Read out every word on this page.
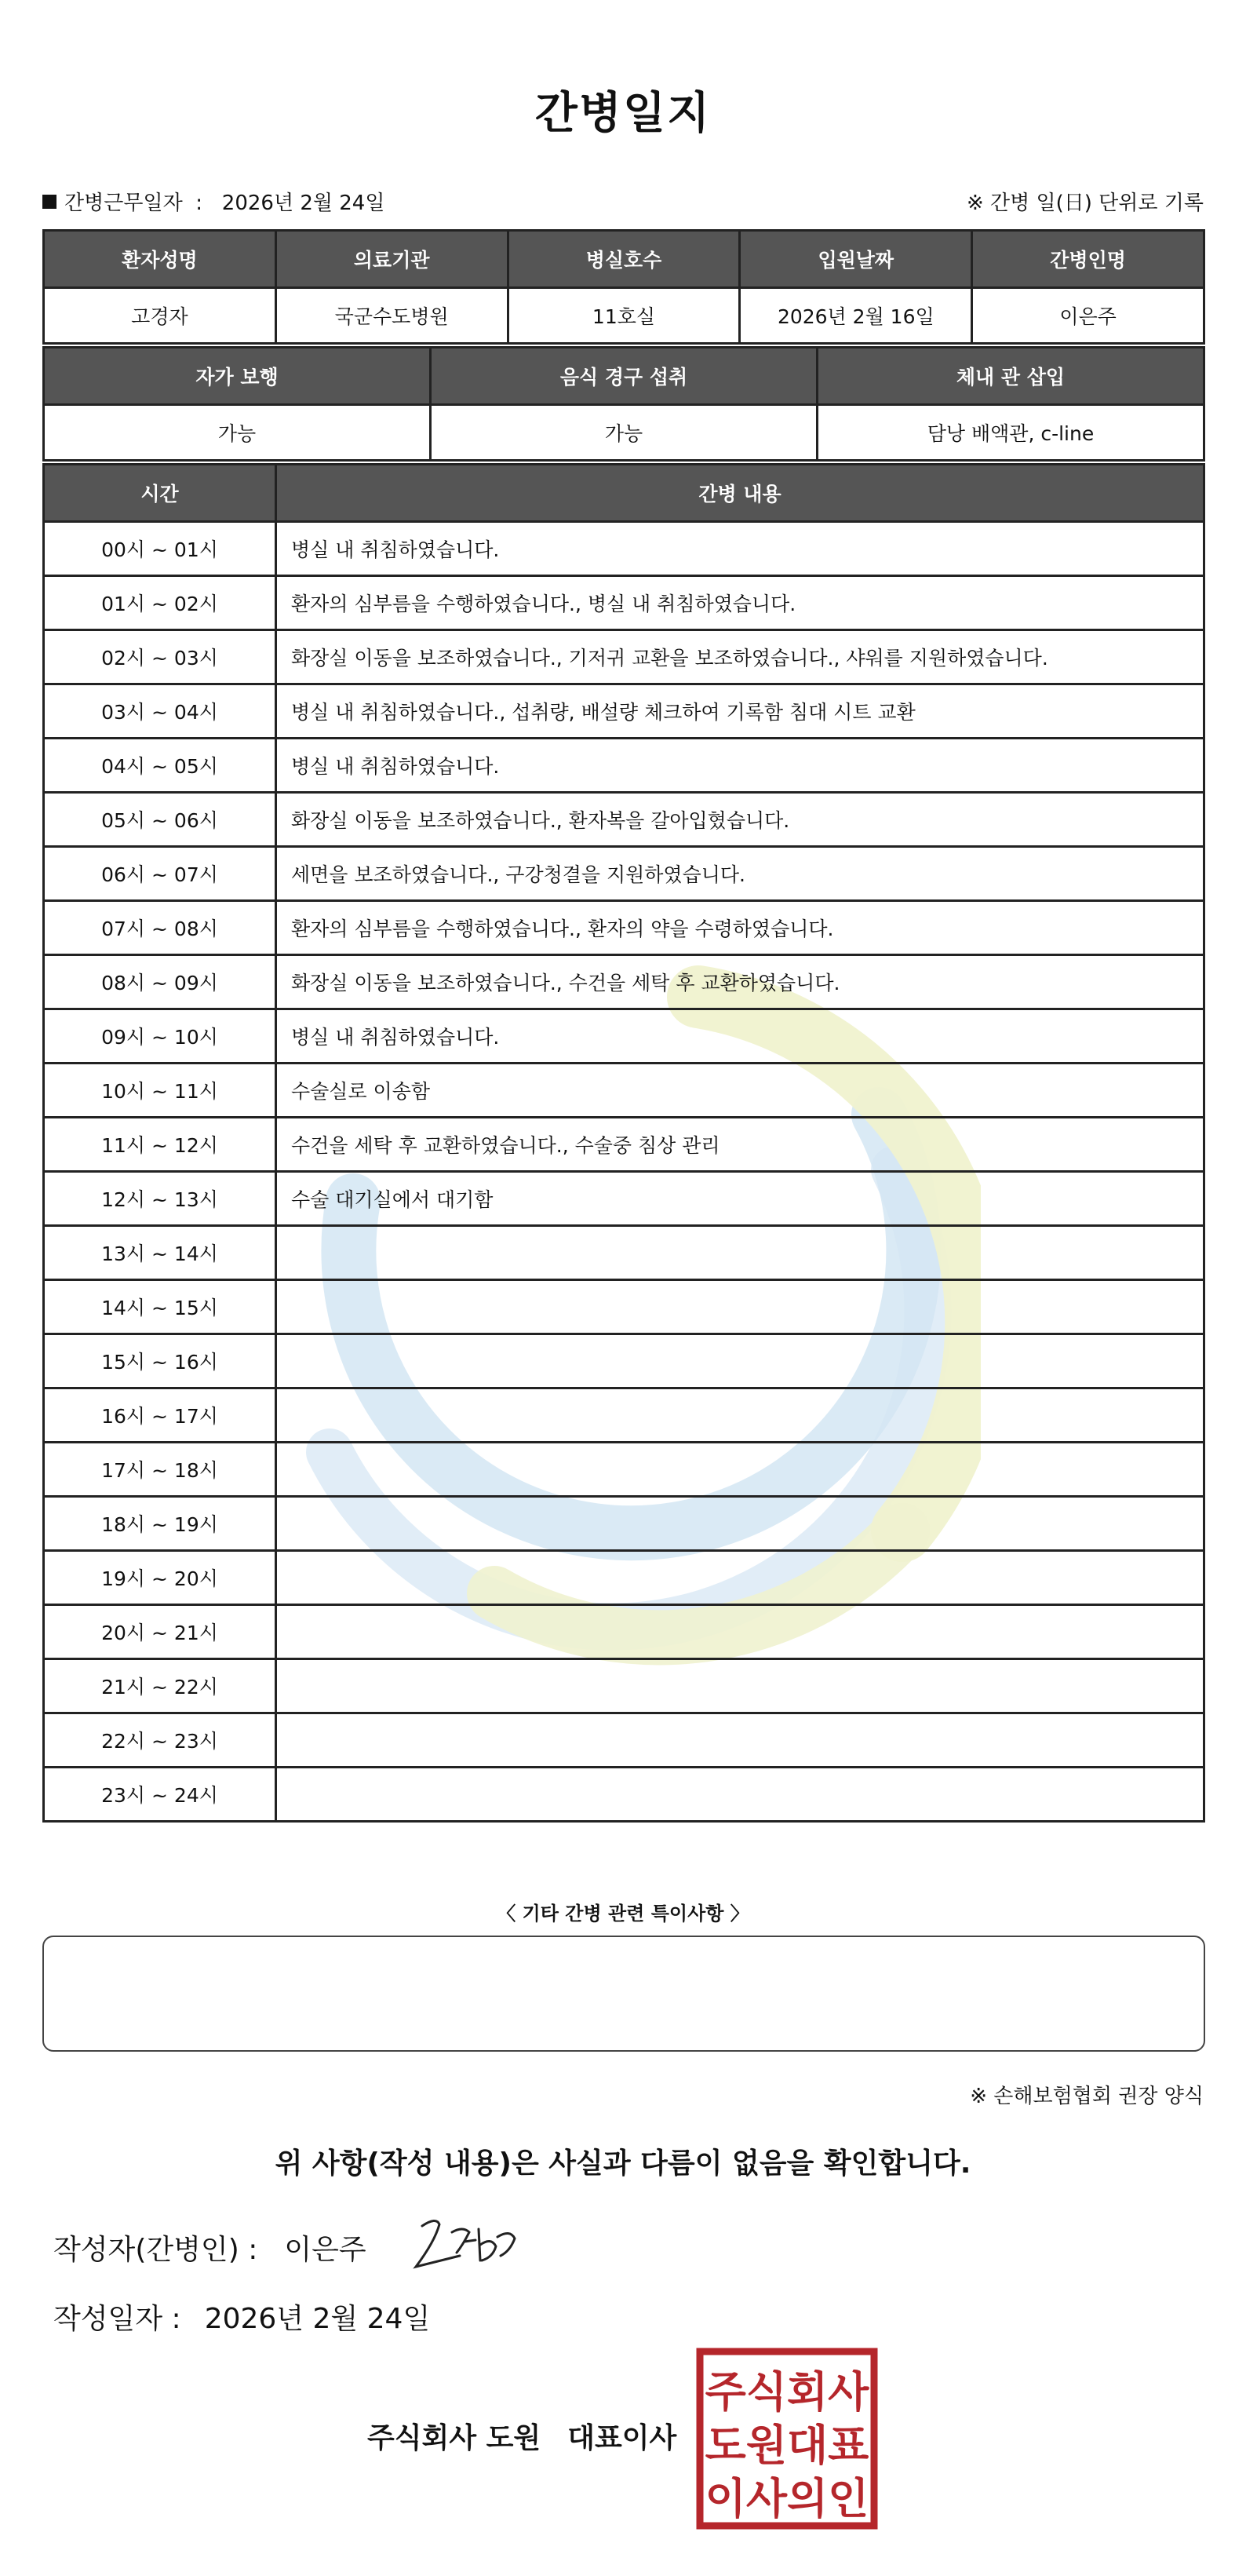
간병일지
간병근무일자 : 2026년 2월 24일	※ 간병 일(日) 단위로 기록
환자성명	의료기관	병실호수	입원날짜	간병인명
고경자	국군수도병원	11호실	2026년 2월 16일	이은주
자가 보행	음식 경구 섭취	체내 관 삽입
가능	가능	담낭 배액관, c-line
시간	간병 내용
00시 ~ 01시	병실 내 취침하였습니다.
01시 ~ 02시	환자의 심부름을 수행하였습니다., 병실 내 취침하였습니다.
02시 ~ 03시	화장실 이동을 보조하였습니다., 기저귀 교환을 보조하였습니다., 샤워를 지원하였습니다.
03시 ~ 04시	병실 내 취침하였습니다., 섭취량, 배설량 체크하여 기록함 침대 시트 교환
04시 ~ 05시	병실 내 취침하였습니다.
05시 ~ 06시	화장실 이동을 보조하였습니다., 환자복을 갈아입혔습니다.
06시 ~ 07시	세면을 보조하였습니다., 구강청결을 지원하였습니다.
07시 ~ 08시	환자의 심부름을 수행하였습니다., 환자의 약을 수령하였습니다.
08시 ~ 09시	화장실 이동을 보조하였습니다., 수건을 세탁 후 교환하였습니다.
09시 ~ 10시	병실 내 취침하였습니다.
10시 ~ 11시	수술실로 이송함
11시 ~ 12시	수건을 세탁 후 교환하였습니다., 수술중 침상 관리
12시 ~ 13시	수술 대기실에서 대기함
13시 ~ 14시	
14시 ~ 15시	
15시 ~ 16시	
16시 ~ 17시	
17시 ~ 18시	
18시 ~ 19시	
19시 ~ 20시	
20시 ~ 21시	
21시 ~ 22시	
22시 ~ 23시	
23시 ~ 24시	
〈 기타 간병 관련 특이사항 〉
※ 손해보험협회 권장 양식
위 사항(작성 내용)은 사실과 다름이 없음을 확인합니다.
작성자(간병인) : 이은주
작성일자 : 2026년 2월 24일
주식회사 도원 대표이사
주식회사
도원대표
이사의인
